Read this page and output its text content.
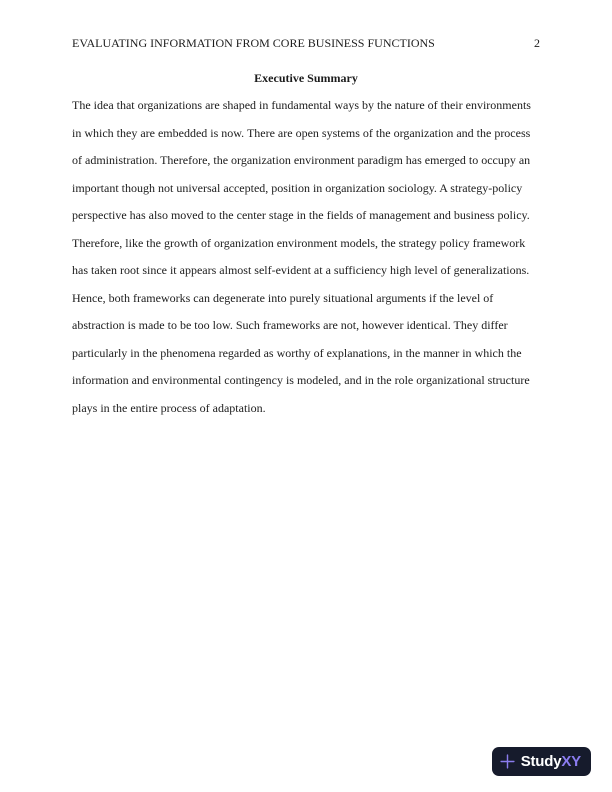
EVALUATING INFORMATION FROM CORE BUSINESS FUNCTIONS	2
Executive Summary
The idea that organizations are shaped in fundamental ways by the nature of their environments
in which they are embedded is now. There are open systems of the organization and the process
of administration. Therefore, the organization environment paradigm has emerged to occupy an
important though not universal accepted, position in organization sociology. A strategy-policy
perspective has also moved to the center stage in the fields of management and business policy.
Therefore, like the growth of organization environment models, the strategy policy framework
has taken root since it appears almost self-evident at a sufficiency high level of generalizations.
Hence, both frameworks can degenerate into purely situational arguments if the level of
abstraction is made to be too low. Such frameworks are not, however identical. They differ
particularly in the phenomena regarded as worthy of explanations, in the manner in which the
information and environmental contingency is modeled, and in the role organizational structure
plays in the entire process of adaptation.
StudyXY
